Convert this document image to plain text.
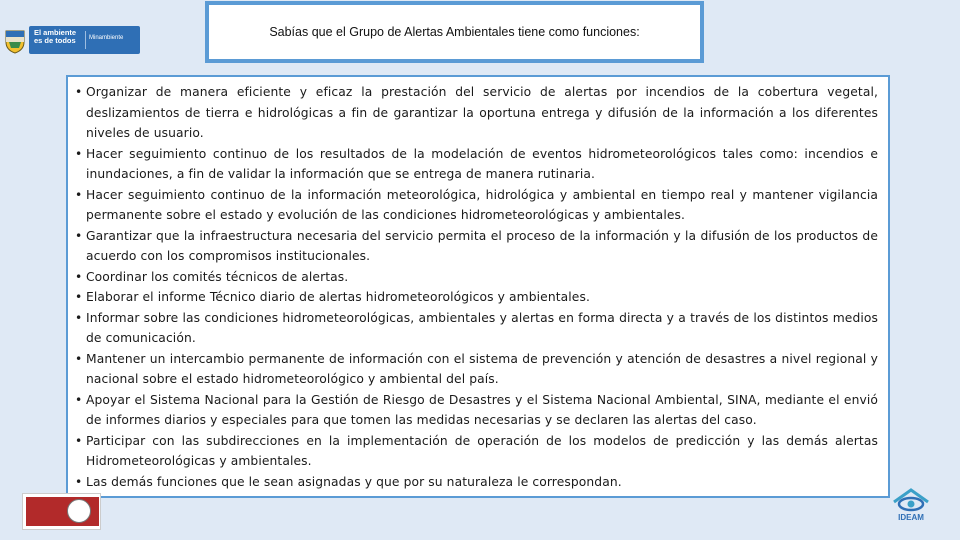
El ambiente
es de todos	Minambiente	Sabías que el Grupo de Alertas Ambientales tiene como funciones:
• Organizar de manera eficiente y eficaz la prestación del servicio de alertas por incendios de la cobertura vegetal, deslizamientos de tierra e hidrológicas a fin de garantizar la oportuna entrega y difusión de la información a los diferentes niveles de usuario.
• Hacer seguimiento continuo de los resultados de la modelación de eventos hidrometeorológicos tales como: incendios e inundaciones, a fin de validar la información que se entrega de manera rutinaria.
• Hacer seguimiento continuo de la información meteorológica, hidrológica y ambiental en tiempo real y mantener vigilancia permanente sobre el estado y evolución de las condiciones hidrometeorológicas y ambientales.
• Garantizar que la infraestructura necesaria del servicio permita el proceso de la información y la difusión de los productos de acuerdo con los compromisos institucionales.
• Coordinar los comités técnicos de alertas.
• Elaborar el informe Técnico diario de alertas hidrometeorológicos y ambientales.
• Informar sobre las condiciones hidrometeorológicas, ambientales y alertas en forma directa y a través de los distintos medios de comunicación.
• Mantener un intercambio permanente de información con el sistema de prevención y atención de desastres a nivel regional y nacional sobre el estado hidrometeorológico y ambiental del país.
• Apoyar el Sistema Nacional para la Gestión de Riesgo de Desastres y el Sistema Nacional Ambiental, SINA, mediante el envió de informes diarios y especiales para que tomen las medidas necesarias y se declaren las alertas del caso.
• Participar con las subdirecciones en la implementación de operación de los modelos de predicción y las demás alertas Hidrometeorológicas y ambientales.
• Las demás funciones que le sean asignadas y que por su naturaleza le correspondan.
IDEAM
